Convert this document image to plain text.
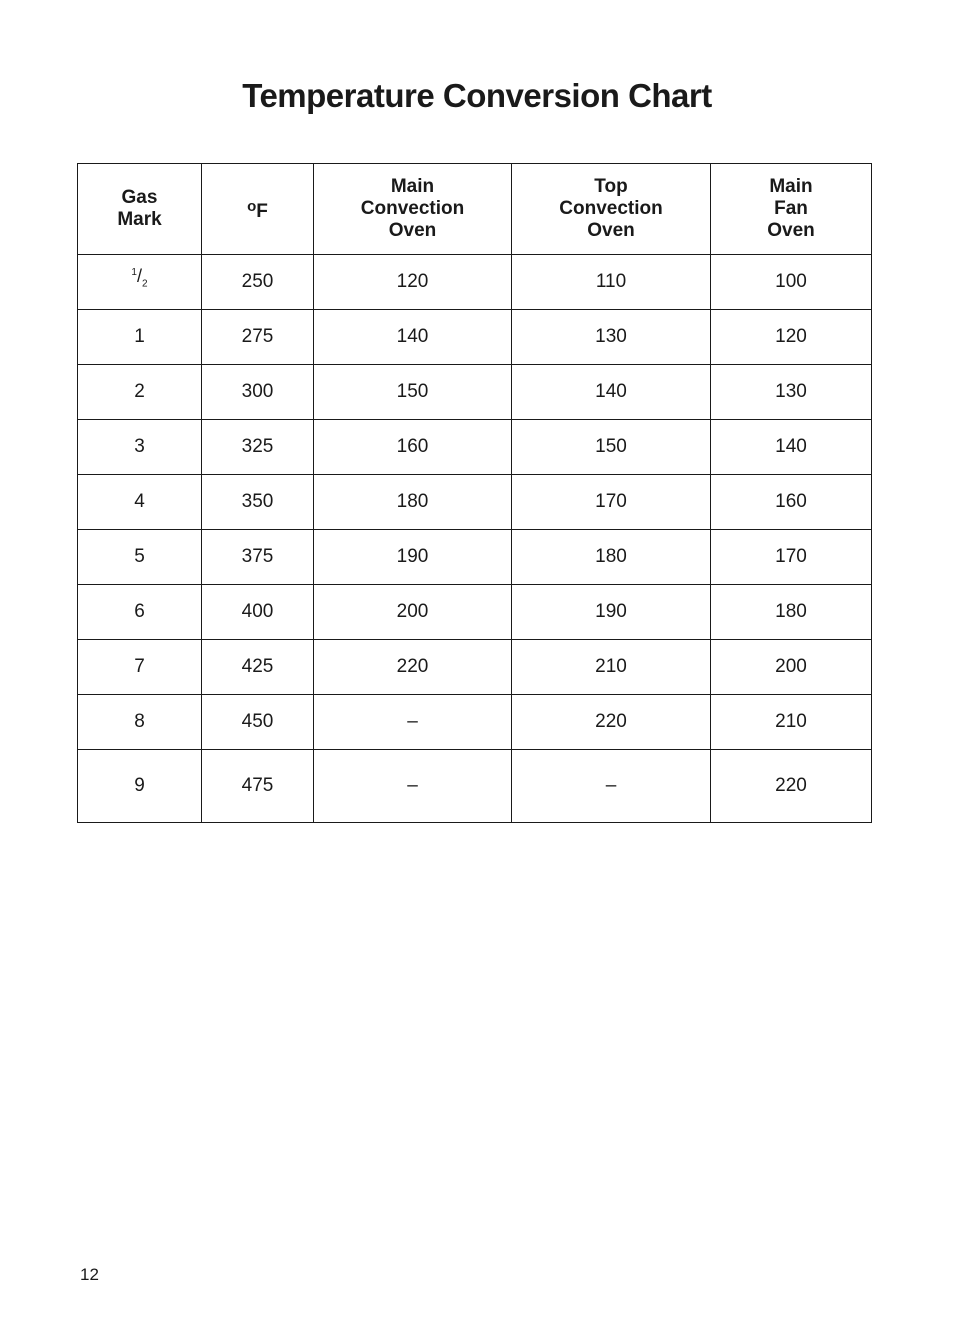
Temperature Conversion Chart
Gas
Mark	$^o$F	Main
Convection
Oven	Top
Convection
Oven	Main
Fan
Oven

$^1/_2$	250	120	110	100
1	275	140	130	120
2	300	150	140	130
3	325	160	150	140
4	350	180	170	160
5	375	190	180	170
6	400	200	190	180
7	425	220	210	200
8	450	–	220	210
9	475	–	–	220
12
